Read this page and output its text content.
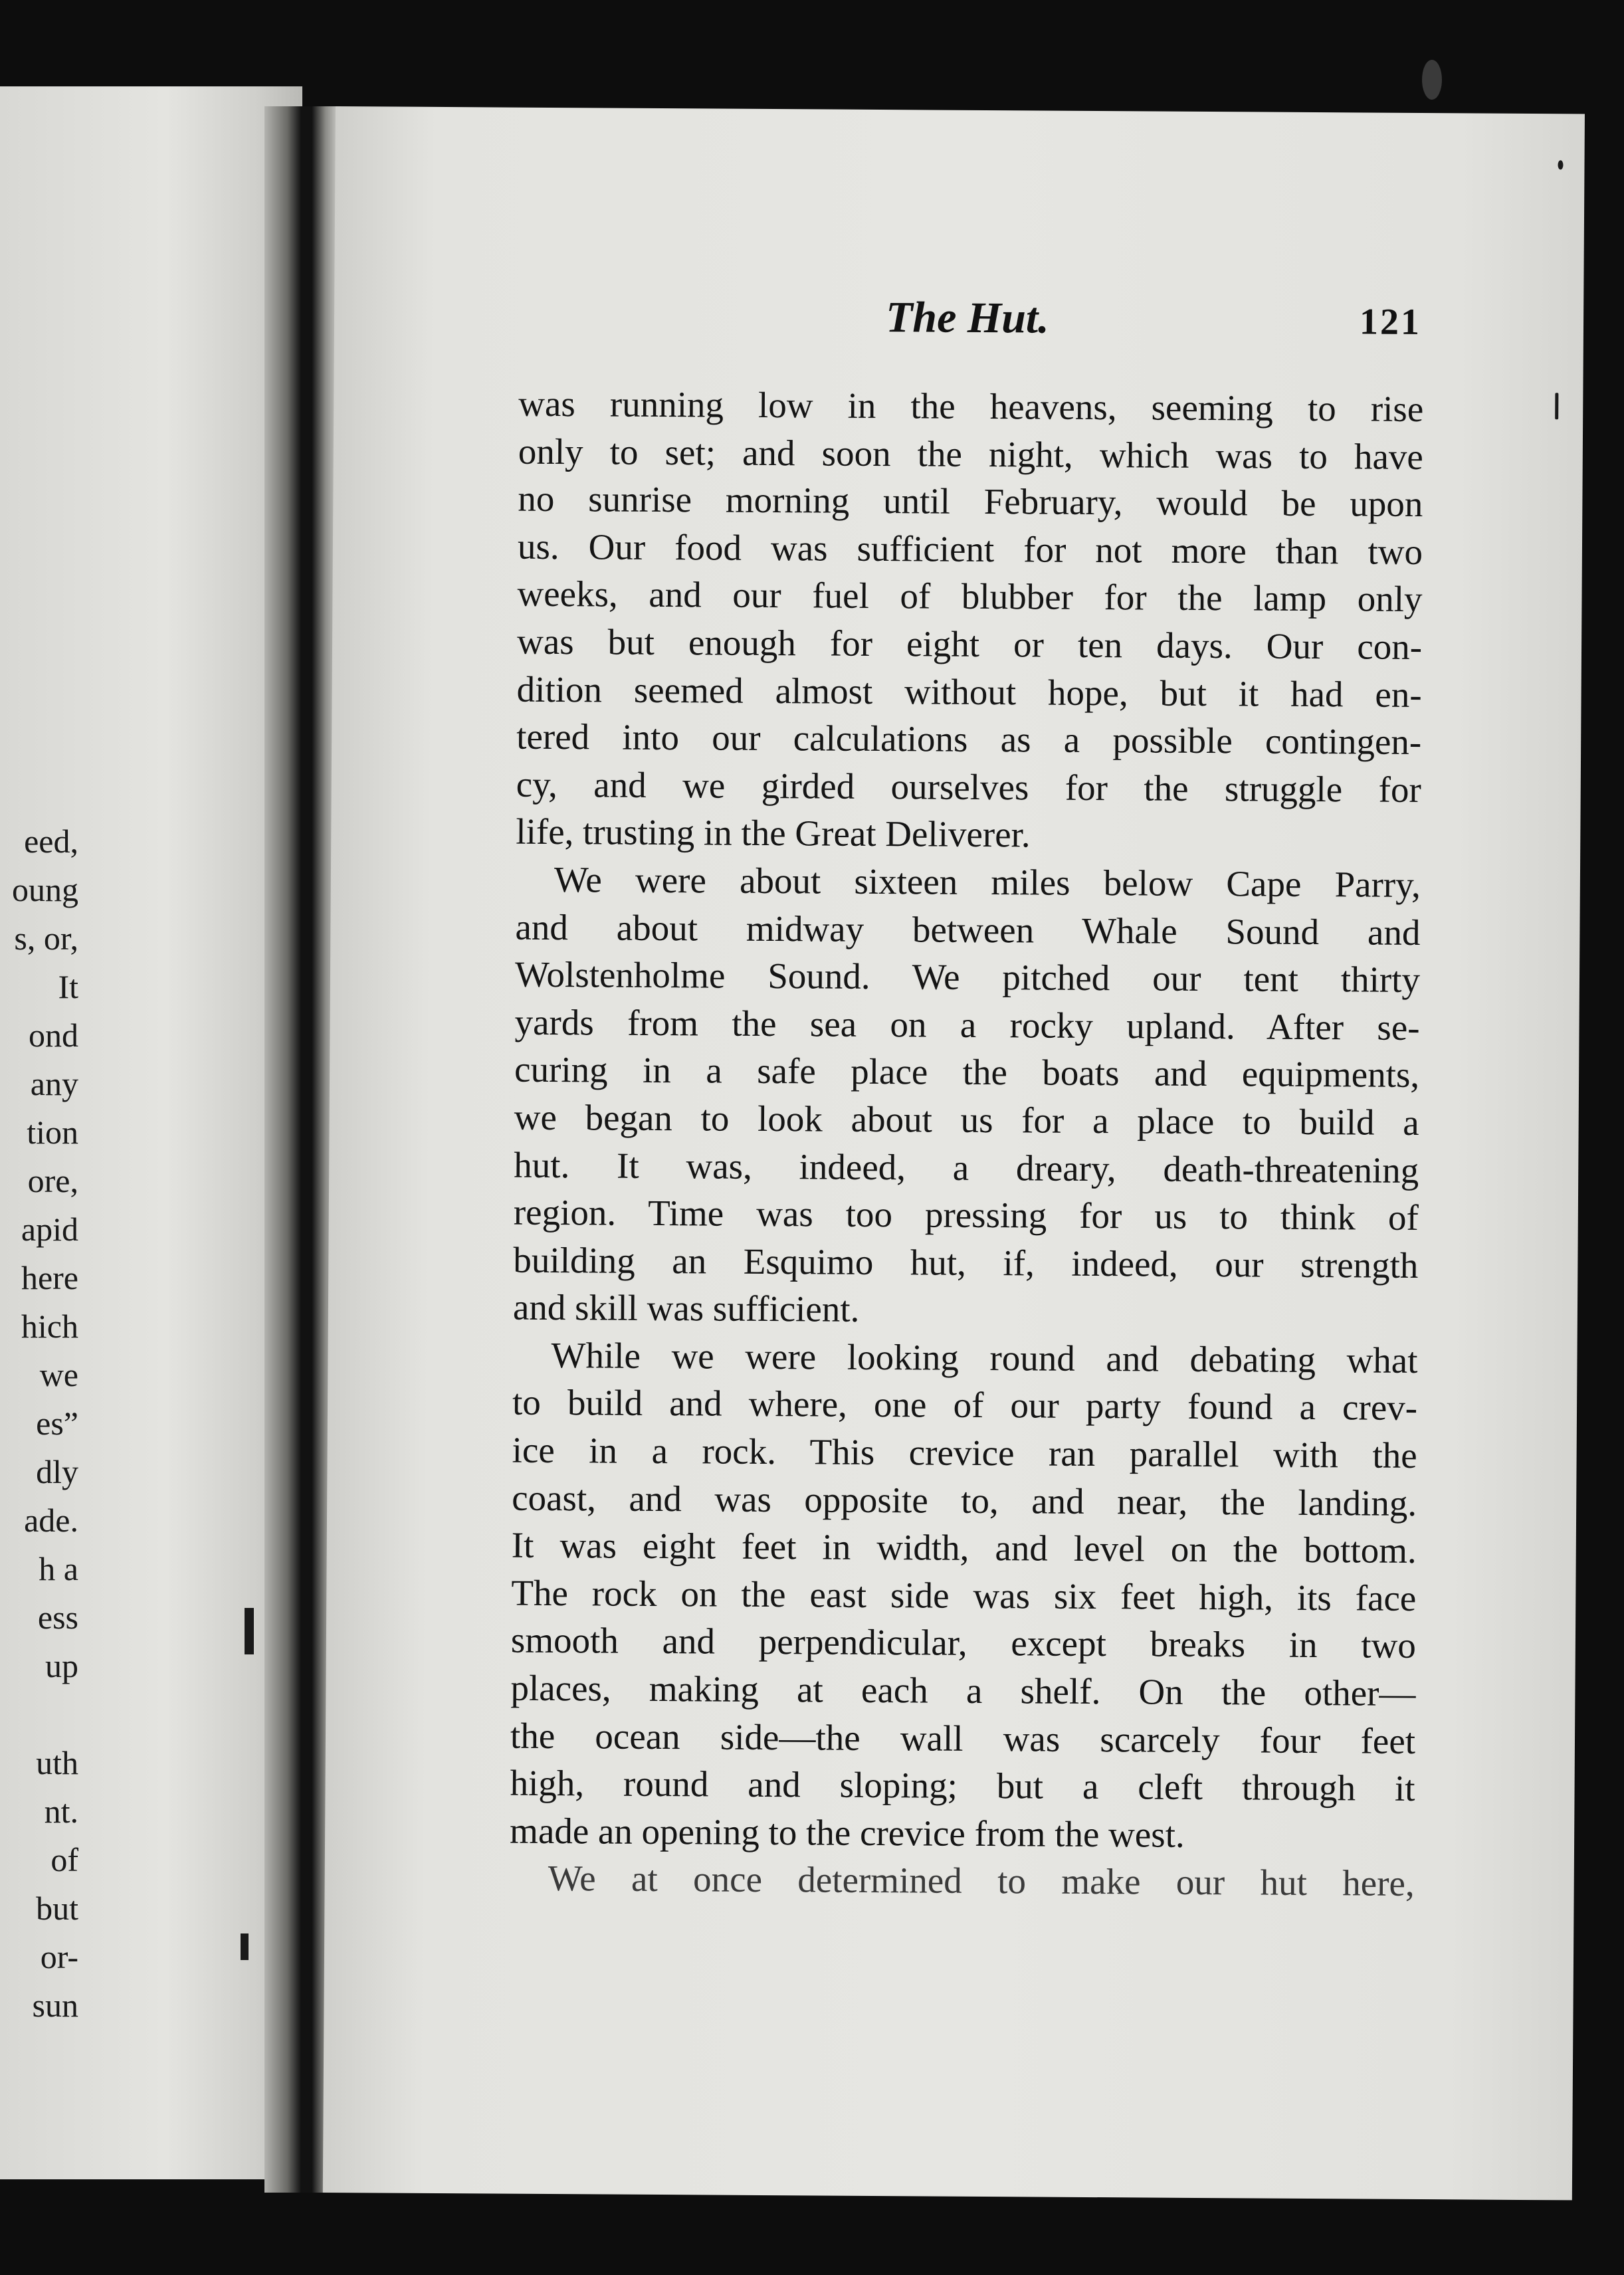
eed,
oung
s, or,
It
ond
any
tion
ore,
apid
here
hich
we
es”
dly
ade.
h a
ess
up
uth
nt.
of
but
or-
sun
The Hut.	121
was running low in the heavens, seeming to rise
only to set; and soon the night, which was to have
no sunrise morning until February, would be upon
us. Our food was sufficient for not more than two
weeks, and our fuel of blubber for the lamp only
was but enough for eight or ten days. Our con-
dition seemed almost without hope, but it had en-
tered into our calculations as a possible contingen-
cy, and we girded ourselves for the struggle for
life, trusting in the Great Deliverer.
We were about sixteen miles below Cape Parry,
and about midway between Whale Sound and
Wolstenholme Sound. We pitched our tent thirty
yards from the sea on a rocky upland. After se-
curing in a safe place the boats and equipments,
we began to look about us for a place to build a
hut. It was, indeed, a dreary, death-threatening
region. Time was too pressing for us to think of
building an Esquimo hut, if, indeed, our strength
and skill was sufficient.
While we were looking round and debating what
to build and where, one of our party found a crev-
ice in a rock. This crevice ran parallel with the
coast, and was opposite to, and near, the landing.
It was eight feet in width, and level on the bottom.
The rock on the east side was six feet high, its face
smooth and perpendicular, except breaks in two
places, making at each a shelf. On the other—
the ocean side—the wall was scarcely four feet
high, round and sloping; but a cleft through it
made an opening to the crevice from the west.
We at once determined to make our hut here,
